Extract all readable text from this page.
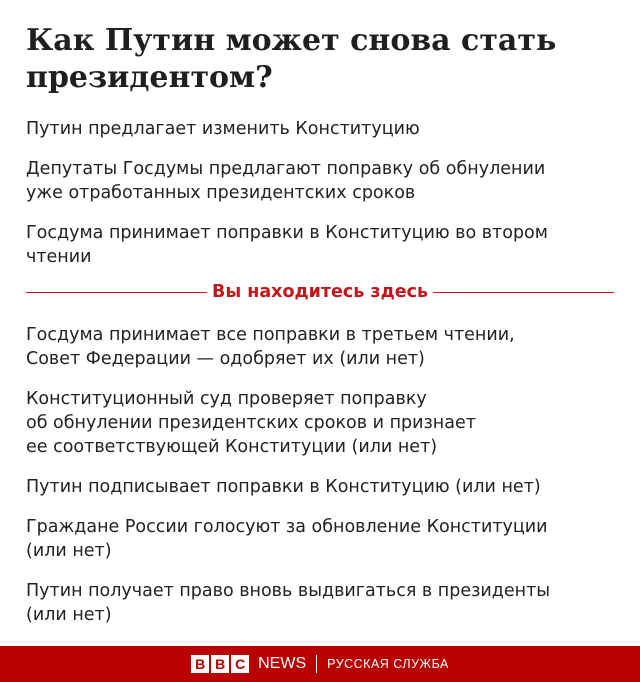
Как Путин может снова стать
президентом?
Путин предлагает изменить Конституцию
Депутаты Госдумы предлагают поправку об обнулении
уже отработанных президентских сроков
Госдума принимает поправки в Конституцию во втором
чтении
Вы находитесь здесь
Госдума принимает все поправки в третьем чтении,
Совет Федерации — одобряет их (или нет)
Конституционный суд проверяет поправку
об обнулении президентских сроков и признает
ее соответствующей Конституции (или нет)
Путин подписывает поправки в Конституцию (или нет)
Граждане России голосуют за обновление Конституции
(или нет)
Путин получает право вновь выдвигаться в президенты
(или нет)
B B C NEWS РУССКАЯ СЛУЖБА
